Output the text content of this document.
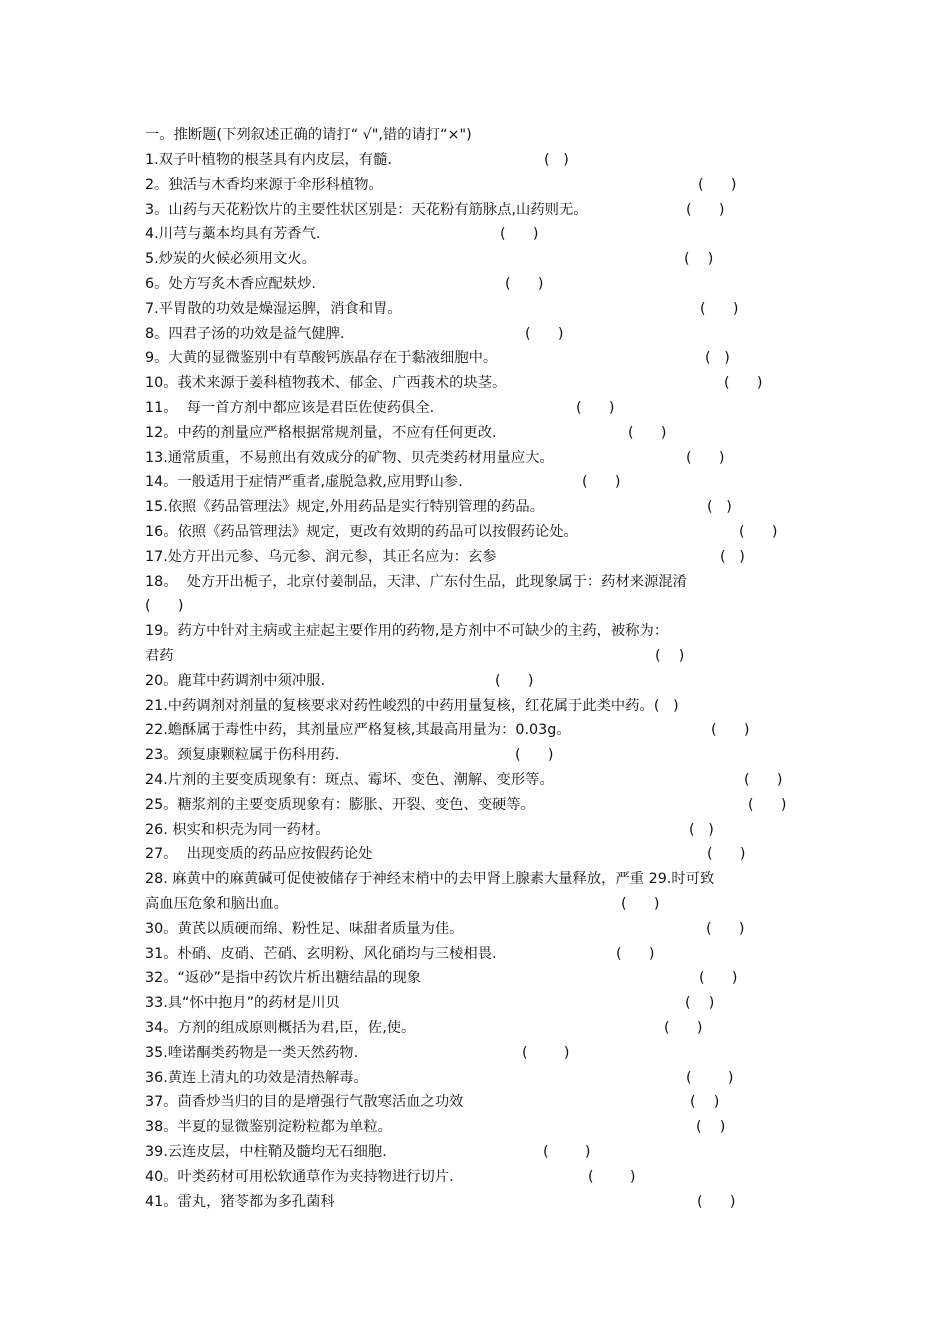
一。推断题(下列叙述正确的请打“ √",错的请打“×")
1.双子叶植物的根茎具有内皮层，有髓.	(   )
2。独活与木香均来源于伞形科植物。	(      )
3。山药与天花粉饮片的主要性状区别是：天花粉有筋脉点,山药则无。	(      )
4.川芎与藁本均具有芳香气.	(      )
5.炒炭的火候必须用文火。	(    )
6。处方写炙木香应配麸炒.	(      )
7.平胃散的功效是燥湿运脾，消食和胃。	(      )
8。四君子汤的功效是益气健脾.	(      )
9。大黄的显微鉴别中有草酸钙族晶存在于黏液细胞中。	(   )
10。莪术来源于姜科植物莪术、郁金、广西莪术的块茎。	(      )
11。  每一首方剂中都应该是君臣佐使药俱全.	(      )
12。中药的剂量应严格根据常规剂量，不应有任何更改.	(      )
13.通常质重，不易煎出有效成分的矿物、贝壳类药材用量应大。	(      )
14。一般适用于症情严重者,虚脱急救,应用野山参.	(      )
15.依照《药品管理法》规定,外用药品是实行特别管理的药品。	(   )
16。依照《药品管理法》规定，更改有效期的药品可以按假药论处。	(      )
17.处方开出元参、乌元参、润元参，其正名应为：玄参	(   )
18。  处方开出栀子，北京付姜制品，天津、广东付生品，此现象属于：药材来源混淆
(      )
19。药方中针对主病或主症起主要作用的药物,是方剂中不可缺少的主药，被称为：
君药	(    )
20。鹿茸中药调剂中须冲服.	(      )
21.中药调剂对剂量的复核要求对药性峻烈的中药用量复核，红花属于此类中药。(   )
22.蟾酥属于毒性中药，其剂量应严格复核,其最高用量为：0.03g。	(      )
23。颈复康颗粒属于伤科用药.	(      )
24.片剂的主要变质现象有：斑点、霉坏、变色、潮解、变形等。	(      )
25。糖浆剂的主要变质现象有：膨胀、开裂、变色、变硬等。	(      )
26. 枳实和枳壳为同一药材。	(   )
27。  出现变质的药品应按假药论处	(      )
28. 麻黄中的麻黄碱可促使被储存于神经末梢中的去甲肾上腺素大量释放，严重 29.时可致
高血压危象和脑出血。	(      )
30。黄芪以质硬而绵、粉性足、味甜者质量为佳。	(      )
31。朴硝、皮硝、芒硝、玄明粉、风化硝均与三棱相畏.	(      )
32。“返砂”是指中药饮片析出糖结晶的现象	(      )
33.具“怀中抱月”的药材是川贝	(    )
34。方剂的组成原则概括为君,臣，佐,使。	(      )
35.喹诺酮类药物是一类天然药物.	(        )
36.黄连上清丸的功效是清热解毒。	(        )
37。茴香炒当归的目的是增强行气散寒活血之功效	(    )
38。半夏的显微鉴别淀粉粒都为单粒。	(    )
39.云连皮层，中柱鞘及髓均无石细胞.	(        )
40。叶类药材可用松软通草作为夹持物进行切片.	(        )
41。雷丸，猪苓都为多孔菌科	(      )
